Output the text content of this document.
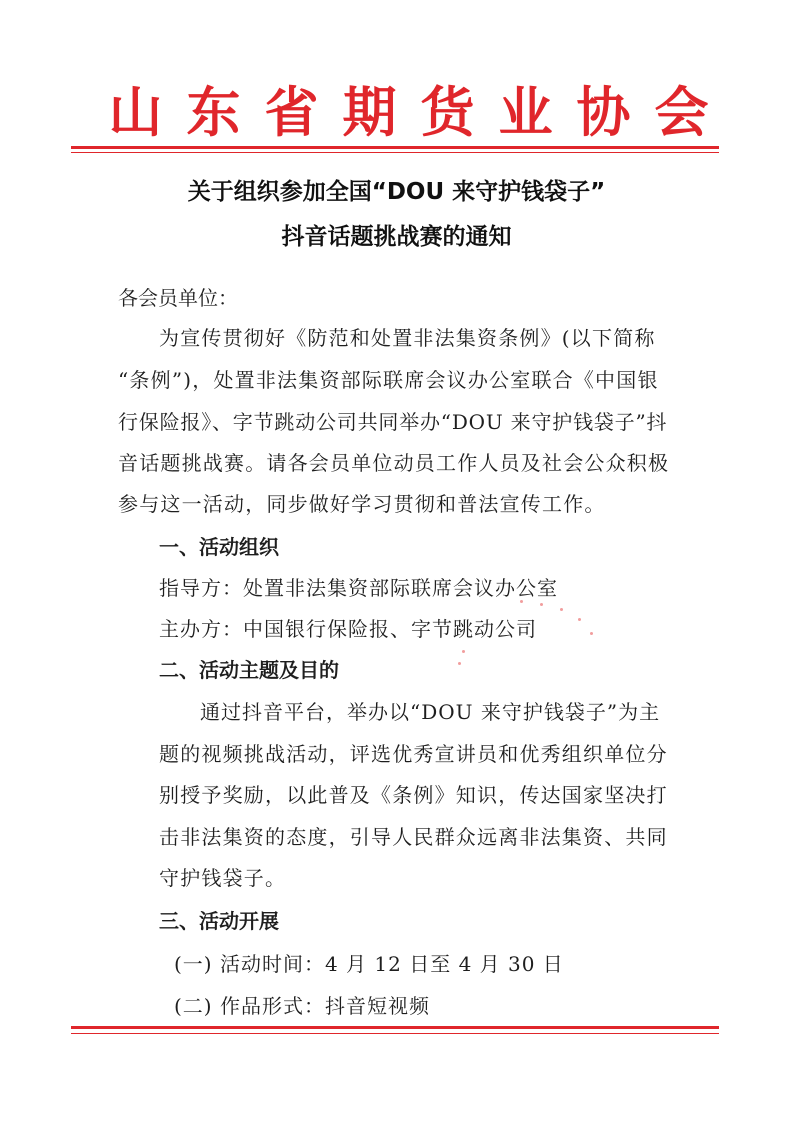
山东省期货业协会
关于组织参加全国“DOU 来守护钱袋子”
抖音话题挑战赛的通知
各会员单位：
为宣传贯彻好《防范和处置非法集资条例》(以下简称
“条例”)，处置非法集资部际联席会议办公室联合《中国银
行保险报》、字节跳动公司共同举办“DOU 来守护钱袋子”抖
音话题挑战赛。请各会员单位动员工作人员及社会公众积极
参与这一活动，同步做好学习贯彻和普法宣传工作。
一、活动组织
指导方：处置非法集资部际联席会议办公室
主办方：中国银行保险报、字节跳动公司
二、活动主题及目的
通过抖音平台，举办以“DOU 来守护钱袋子”为主
题的视频挑战活动，评选优秀宣讲员和优秀组织单位分
别授予奖励，以此普及《条例》知识，传达国家坚决打
击非法集资的态度，引导人民群众远离非法集资、共同
守护钱袋子。
三、活动开展
(一) 活动时间：4 月 12 日至 4 月 30 日
(二) 作品形式：抖音短视频
